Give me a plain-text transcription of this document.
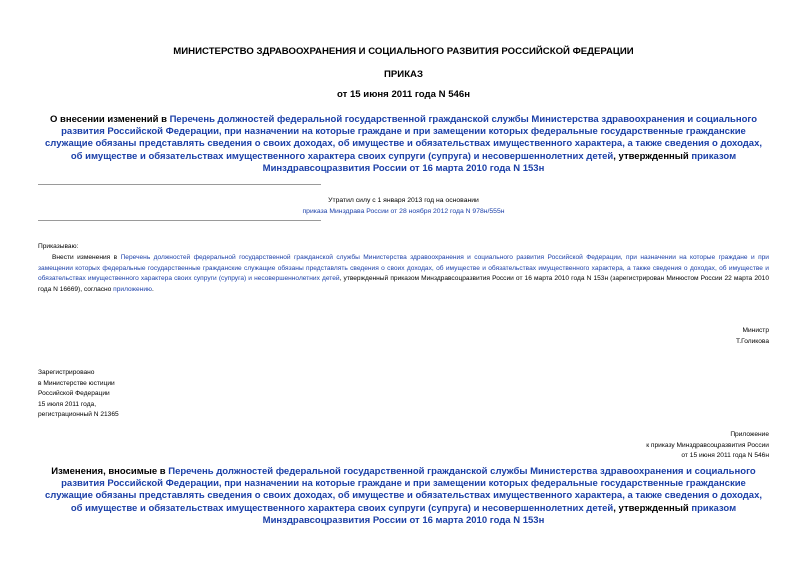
МИНИСТЕРСТВО ЗДРАВООХРАНЕНИЯ И СОЦИАЛЬНОГО РАЗВИТИЯ РОССИЙСКОЙ ФЕДЕРАЦИИ
ПРИКАЗ
от 15 июня 2011 года N 546н
О внесении изменений в Перечень должностей федеральной государственной гражданской службы Министерства здравоохранения и социального развития Российской Федерации, при назначении на которые граждане и при замещении которых федеральные государственные гражданские служащие обязаны представлять сведения о своих доходах, об имуществе и обязательствах имущественного характера, а также сведения о доходах, об имуществе и обязательствах имущественного характера своих супруги (супруга) и несовершеннолетних детей, утвержденный приказом Минздравсоцразвития России от 16 марта 2010 года N 153н
Утратил силу с 1 января 2013 год на основании
приказа Минздрава России от 28 ноября 2012 года N 978н/555н
Приказываю:
Внести изменения в Перечень должностей федеральной государственной гражданской службы Министерства здравоохранения и социального развития Российской Федерации, при назначении на которые граждане и при замещении которых федеральные государственные гражданские служащие обязаны представлять сведения о своих доходах, об имуществе и обязательствах имущественного характера, а также сведения о доходах, об имуществе и обязательствах имущественного характера своих супруги (супруга) и несовершеннолетних детей, утвержденный приказом Минздравсоцразвития России от 16 марта 2010 года N 153н (зарегистрирован Минюстом России 22 марта 2010 года N 16669), согласно приложению.
Министр
Т.Голикова
Зарегистрировано
в Министерстве юстиции
Российской Федерации
15 июля 2011 года,
регистрационный N 21365
Приложение
к приказу Минздравсоцразвития России
от 15 июня 2011 года N 546н
Изменения, вносимые в Перечень должностей федеральной государственной гражданской службы Министерства здравоохранения и социального развития Российской Федерации, при назначении на которые граждане и при замещении которых федеральные государственные гражданские служащие обязаны представлять сведения о своих доходах, об имуществе и обязательствах имущественного характера, а также сведения о доходах, об имуществе и обязательствах имущественного характера своих супруги (супруга) и несовершеннолетних детей, утвержденный приказом Минздравсоцразвития России от 16 марта 2010 года N 153н
